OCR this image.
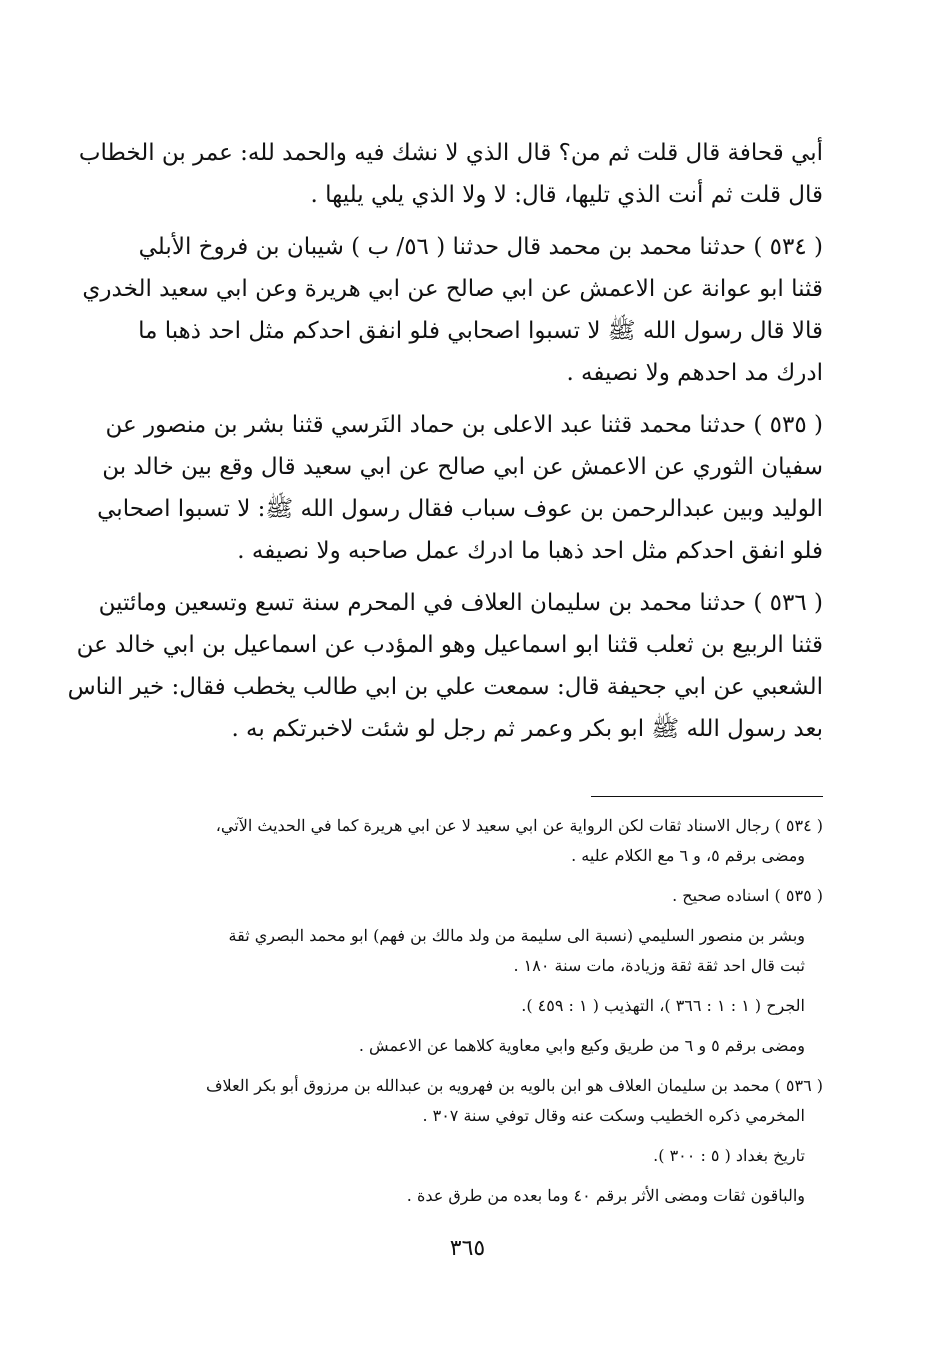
أبي قحافة قال قلت ثم من؟ قال الذي لا نشك فيه والحمد لله: عمر بن الخطاب
قال قلت ثم أنت الذي تليها، قال: لا ولا الذي يلي يليها .

( ٥٣٤ ) حدثنا محمد بن محمد قال حدثنا ( ٥٦/ ب ) شيبان بن فروخ الأبلي
قثنا ابو عوانة عن الاعمش عن ابي صالح عن ابي هريرة وعن ابي سعيد الخدري
قالا قال رسول الله ﷺ لا تسبوا اصحابي فلو انفق احدكم مثل احد ذهبا ما
ادرك مد احدهم ولا نصيفه .

( ٥٣٥ ) حدثنا محمد قثنا عبد الاعلى بن حماد النَرسي قثنا بشر بن منصور عن
سفيان الثوري عن الاعمش عن ابي صالح عن ابي سعيد قال وقع بين خالد بن
الوليد وبين عبدالرحمن بن عوف سباب فقال رسول الله ﷺ: لا تسبوا اصحابي
فلو انفق احدكم مثل احد ذهبا ما ادرك عمل صاحبه ولا نصيفه .

( ٥٣٦ ) حدثنا محمد بن سليمان العلاف في المحرم سنة تسع وتسعين ومائتين
قثنا الربيع بن ثعلب قثنا ابو اسماعيل وهو المؤدب عن اسماعيل بن ابي خالد عن
الشعبي عن ابي جحيفة قال: سمعت علي بن ابي طالب يخطب فقال: خير الناس
بعد رسول الله ﷺ ابو بكر وعمر ثم رجل لو شئت لاخبرتكم به .

( ٥٣٤ ) رجال الاسناد ثقات لكن الرواية عن ابي سعيد لا عن ابي هريرة كما في الحديث الآتي،
ومضى برقم ٥، و ٦ مع الكلام عليه .

( ٥٣٥ ) اسناده صحيح .

وبشر بن منصور السليمي (نسبة الى سليمة من ولد مالك بن فهم) ابو محمد البصري ثقة
ثبت قال احد ثقة ثقة وزيادة، مات سنة ١٨٠ .

الجرح ( ١ : ١ : ٣٦٦ )، التهذيب ( ١ : ٤٥٩ ).

ومضى برقم ٥ و ٦ من طريق وكيع وابي معاوية كلاهما عن الاعمش .

( ٥٣٦ ) محمد بن سليمان العلاف هو ابن بالويه بن فهرويه بن عبدالله بن مرزوق أبو بكر العلاف
المخرمي ذكره الخطيب وسكت عنه وقال توفي سنة ٣٠٧ .

تاريخ بغداد ( ٥ : ٣٠٠ ).

والباقون ثقات ومضى الأثر برقم ٤٠ وما بعده من طرق عدة .

٣٦٥
